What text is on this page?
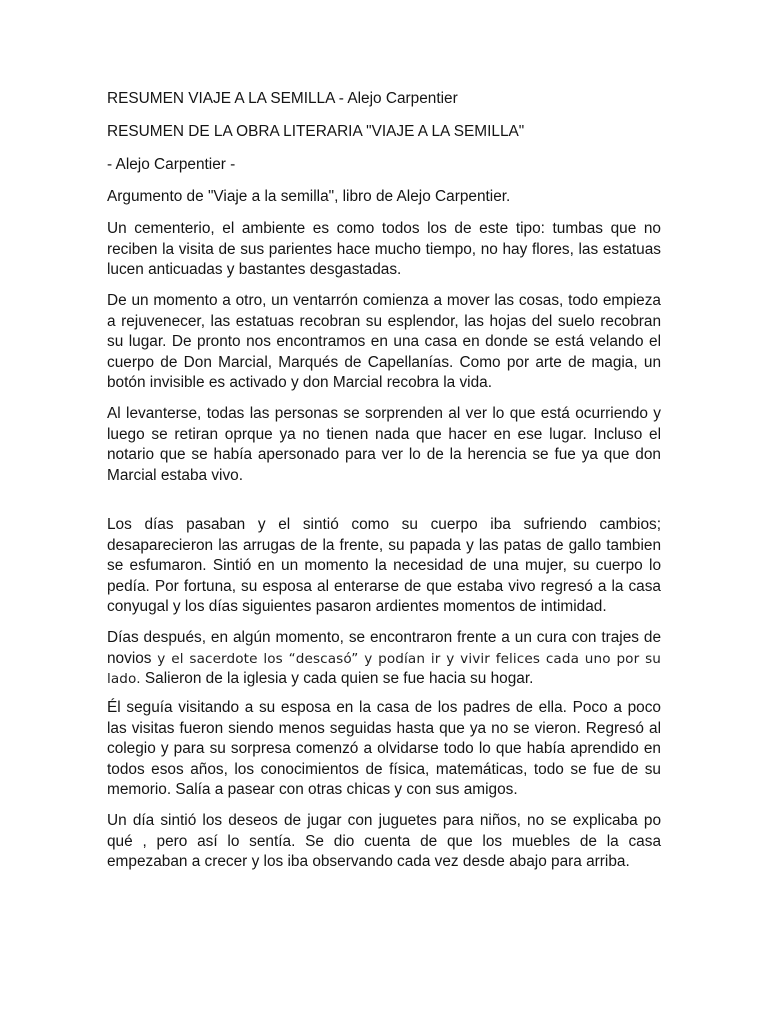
RESUMEN VIAJE A LA SEMILLA - Alejo Carpentier

RESUMEN DE LA OBRA LITERARIA "VIAJE A LA SEMILLA"

- Alejo Carpentier -

Argumento de "Viaje a la semilla", libro de Alejo Carpentier.

Un cementerio, el ambiente es como todos los de este tipo: tumbas que no reciben la visita de sus parientes hace mucho tiempo, no hay flores, las estatuas lucen anticuadas y bastantes desgastadas.

De un momento a otro, un ventarrón comienza a mover las cosas, todo empieza a rejuvenecer, las estatuas recobran su esplendor, las hojas del suelo recobran su lugar. De pronto nos encontramos en una casa en donde se está velando el cuerpo de Don Marcial, Marqués de Capellanías. Como por arte de magia, un botón invisible es activado y don Marcial recobra la vida.

Al levanterse, todas las personas se sorprenden al ver lo que está ocurriendo y luego se retiran oprque ya no tienen nada que hacer en ese lugar. Incluso el notario que se había apersonado para ver lo de la herencia se fue ya que don Marcial estaba vivo.

Los días pasaban y el sintió como su cuerpo iba sufriendo cambios; desaparecieron las arrugas de la frente, su papada y las patas de gallo tambien se esfumaron. Sintió en un momento la necesidad de una mujer, su cuerpo lo pedía. Por fortuna, su esposa al enterarse de que estaba vivo regresó a la casa conyugal y los días siguientes pasaron ardientes momentos de intimidad.

Días después, en algún momento, se encontraron frente a un cura con trajes de novios y el sacerdote los “descasó” y podían ir y vivir felices cada uno por su lado. Salieron de la iglesia y cada quien se fue hacia su hogar.

Él seguía visitando a su esposa en la casa de los padres de ella. Poco a poco las visitas fueron siendo menos seguidas hasta que ya no se vieron. Regresó al colegio y para su sorpresa comenzó a olvidarse todo lo que había aprendido en todos esos años, los conocimientos de física, matemáticas, todo se fue de su memorio. Salía a pasear con otras chicas y con sus amigos.

Un día sintió los deseos de jugar con juguetes para niños, no se explicaba po qué , pero así lo sentía. Se dio cuenta de que los muebles de la casa empezaban a crecer y los iba observando cada vez desde abajo para arriba.
